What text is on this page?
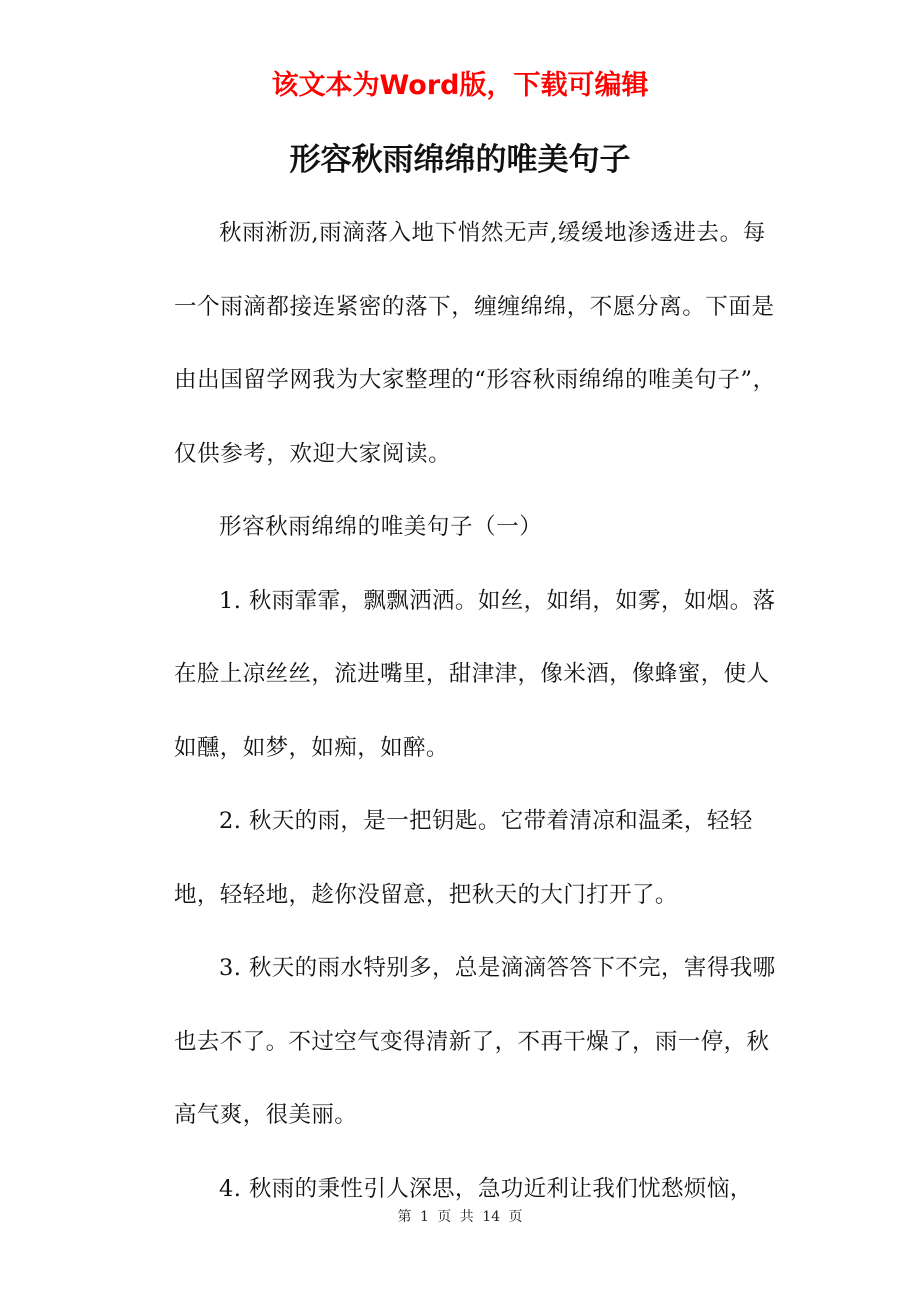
该文本为Word版，下载可编辑
形容秋雨绵绵的唯美句子

秋雨淅沥,雨滴落入地下悄然无声,缓缓地渗透进去。每一个雨滴都接连紧密的落下，缠缠绵绵，不愿分离。下面是由出国留学网我为大家整理的“形容秋雨绵绵的唯美句子”，仅供参考，欢迎大家阅读。

形容秋雨绵绵的唯美句子（一）

1. 秋雨霏霏，飘飘洒洒。如丝，如绢，如雾，如烟。落在脸上凉丝丝，流进嘴里，甜津津，像米酒，像蜂蜜，使人如醺，如梦，如痴，如醉。

2. 秋天的雨，是一把钥匙。它带着清凉和温柔，轻轻地，轻轻地，趁你没留意，把秋天的大门打开了。

3. 秋天的雨水特别多，总是滴滴答答下不完，害得我哪也去不了。不过空气变得清新了，不再干燥了，雨一停，秋高气爽，很美丽。

4. 秋雨的秉性引人深思，急功近利让我们忧愁烦恼，

第 1 页 共 14 页
